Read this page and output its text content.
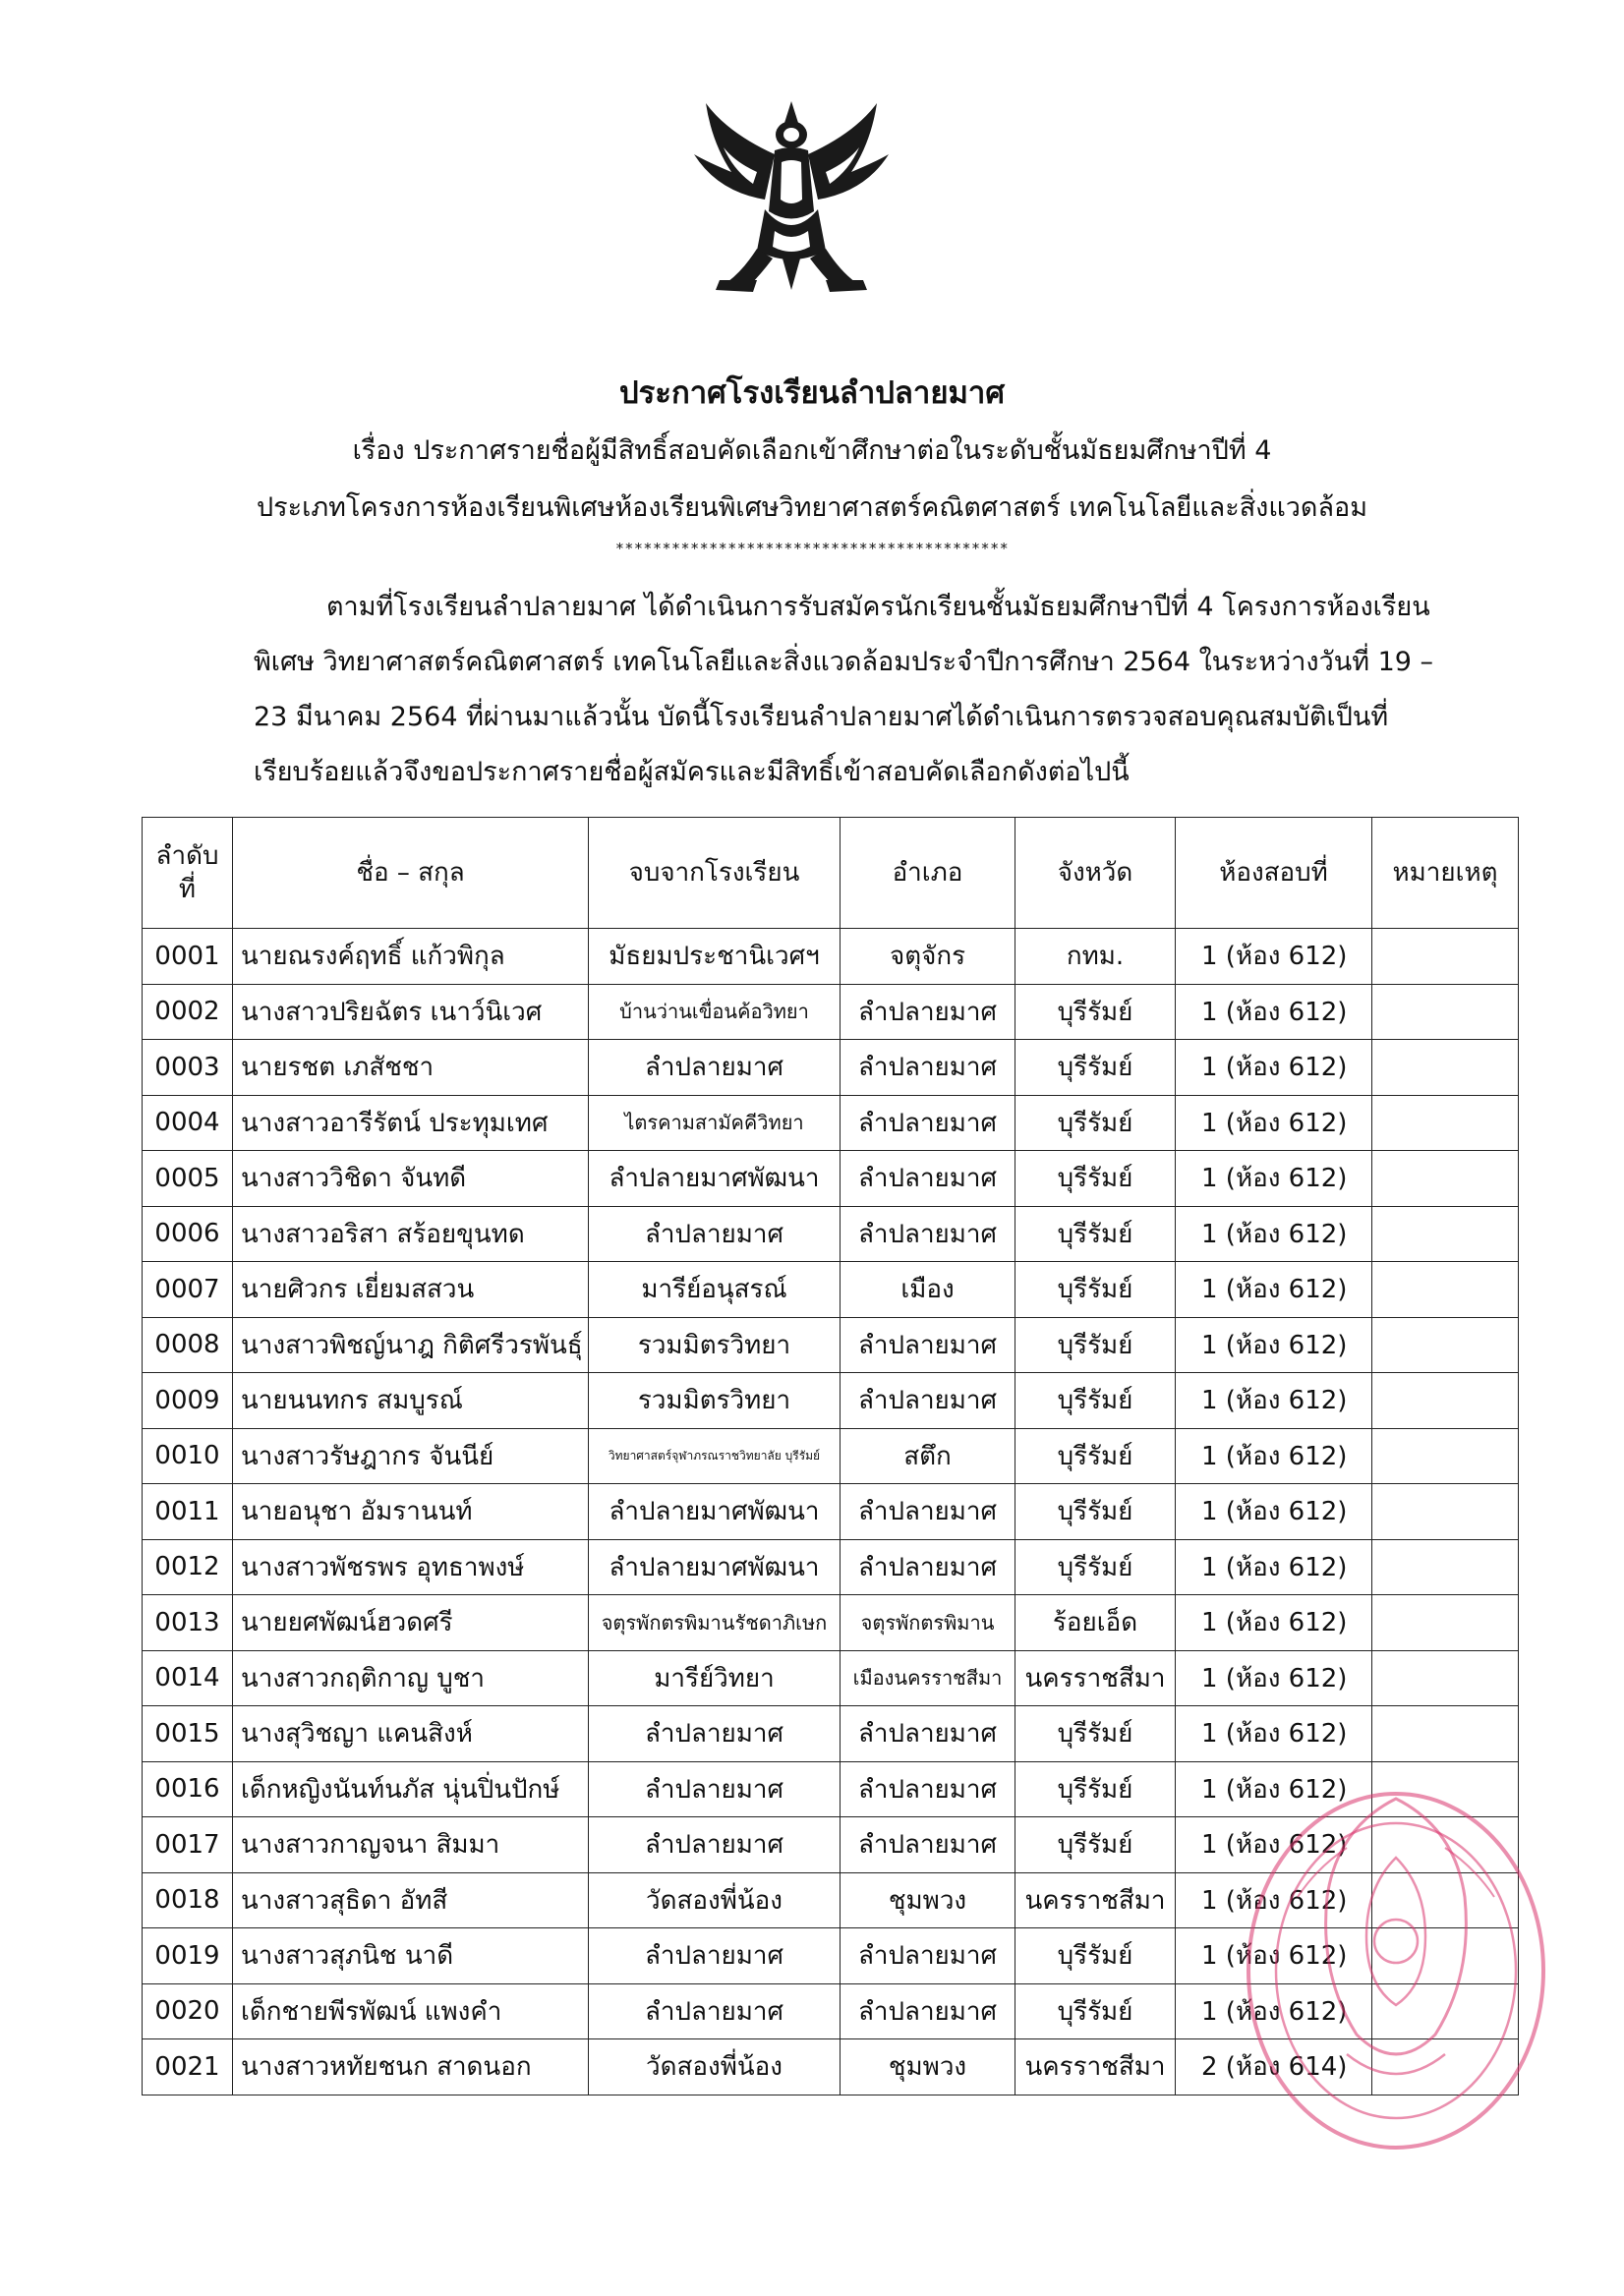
ประกาศโรงเรียนลำปลายมาศ
เรื่อง ประกาศรายชื่อผู้มีสิทธิ์สอบคัดเลือกเข้าศึกษาต่อในระดับชั้นมัธยมศึกษาปีที่ 4
ประเภทโครงการห้องเรียนพิเศษห้องเรียนพิเศษวิทยาศาสตร์คณิตศาสตร์ เทคโนโลยีและสิ่งแวดล้อม
******************************************
ตามที่โรงเรียนลำปลายมาศ ได้ดำเนินการรับสมัครนักเรียนชั้นมัธยมศึกษาปีที่ 4 โครงการห้องเรียน
พิเศษ วิทยาศาสตร์คณิตศาสตร์ เทคโนโลยีและสิ่งแวดล้อมประจำปีการศึกษา 2564 ในระหว่างวันที่ 19 –
23 มีนาคม 2564 ที่ผ่านมาแล้วนั้น บัดนี้โรงเรียนลำปลายมาศได้ดำเนินการตรวจสอบคุณสมบัติเป็นที่
เรียบร้อยแล้วจึงขอประกาศรายชื่อผู้สมัครและมีสิทธิ์เข้าสอบคัดเลือกดังต่อไปนี้
ลำดับ
ที่	ชื่อ – สกุล	จบจากโรงเรียน	อำเภอ	จังหวัด	ห้องสอบที่	หมายเหตุ
0001	นายณรงค์ฤทธิ์ แก้วพิกุล	มัธยมประชานิเวศฯ	จตุจักร	กทม.	1 (ห้อง 612)	
0002	นางสาวปริยฉัตร เนาว์นิเวศ	บ้านว่านเขื่อนค้อวิทยา	ลำปลายมาศ	บุรีรัมย์	1 (ห้อง 612)	
0003	นายรชต เภสัชชา	ลำปลายมาศ	ลำปลายมาศ	บุรีรัมย์	1 (ห้อง 612)	
0004	นางสาวอารีรัตน์ ประทุมเทศ	ไตรคามสามัคคีวิทยา	ลำปลายมาศ	บุรีรัมย์	1 (ห้อง 612)	
0005	นางสาววิชิดา จันทดี	ลำปลายมาศพัฒนา	ลำปลายมาศ	บุรีรัมย์	1 (ห้อง 612)	
0006	นางสาวอริสา สร้อยขุนทด	ลำปลายมาศ	ลำปลายมาศ	บุรีรัมย์	1 (ห้อง 612)	
0007	นายศิวกร เยี่ยมสสวน	มารีย์อนุสรณ์	เมือง	บุรีรัมย์	1 (ห้อง 612)	
0008	นางสาวพิชญ์นาฎ กิติศรีวรพันธุ์	รวมมิตรวิทยา	ลำปลายมาศ	บุรีรัมย์	1 (ห้อง 612)	
0009	นายนนทกร สมบูรณ์	รวมมิตรวิทยา	ลำปลายมาศ	บุรีรัมย์	1 (ห้อง 612)	
0010	นางสาวรัษฎากร จันนีย์	วิทยาศาสตร์จุฬาภรณราชวิทยาลัย บุรีรัมย์	สตึก	บุรีรัมย์	1 (ห้อง 612)	
0011	นายอนุชา อัมรานนท์	ลำปลายมาศพัฒนา	ลำปลายมาศ	บุรีรัมย์	1 (ห้อง 612)	
0012	นางสาวพัชรพร อุทธาพงษ์	ลำปลายมาศพัฒนา	ลำปลายมาศ	บุรีรัมย์	1 (ห้อง 612)	
0013	นายยศพัฒน์ฮวดศรี	จตุรพักตรพิมานรัชดาภิเษก	จตุรพักตรพิมาน	ร้อยเอ็ด	1 (ห้อง 612)	
0014	นางสาวกฤติกาญ บูชา	มารีย์วิทยา	เมืองนครราชสีมา	นครราชสีมา	1 (ห้อง 612)	
0015	นางสุวิชญา แคนสิงห์	ลำปลายมาศ	ลำปลายมาศ	บุรีรัมย์	1 (ห้อง 612)	
0016	เด็กหญิงนันท์นภัส นุ่นปิ่นปักษ์	ลำปลายมาศ	ลำปลายมาศ	บุรีรัมย์	1 (ห้อง 612)	
0017	นางสาวกาญจนา สิมมา	ลำปลายมาศ	ลำปลายมาศ	บุรีรัมย์	1 (ห้อง 612)	
0018	นางสาวสุธิดา อัทสี	วัดสองพี่น้อง	ชุมพวง	นครราชสีมา	1 (ห้อง 612)	
0019	นางสาวสุภนิช นาดี	ลำปลายมาศ	ลำปลายมาศ	บุรีรัมย์	1 (ห้อง 612)	
0020	เด็กชายพีรพัฒน์ แพงคำ	ลำปลายมาศ	ลำปลายมาศ	บุรีรัมย์	1 (ห้อง 612)	
0021	นางสาวหทัยชนก สาดนอก	วัดสองพี่น้อง	ชุมพวง	นครราชสีมา	2 (ห้อง 614)	
